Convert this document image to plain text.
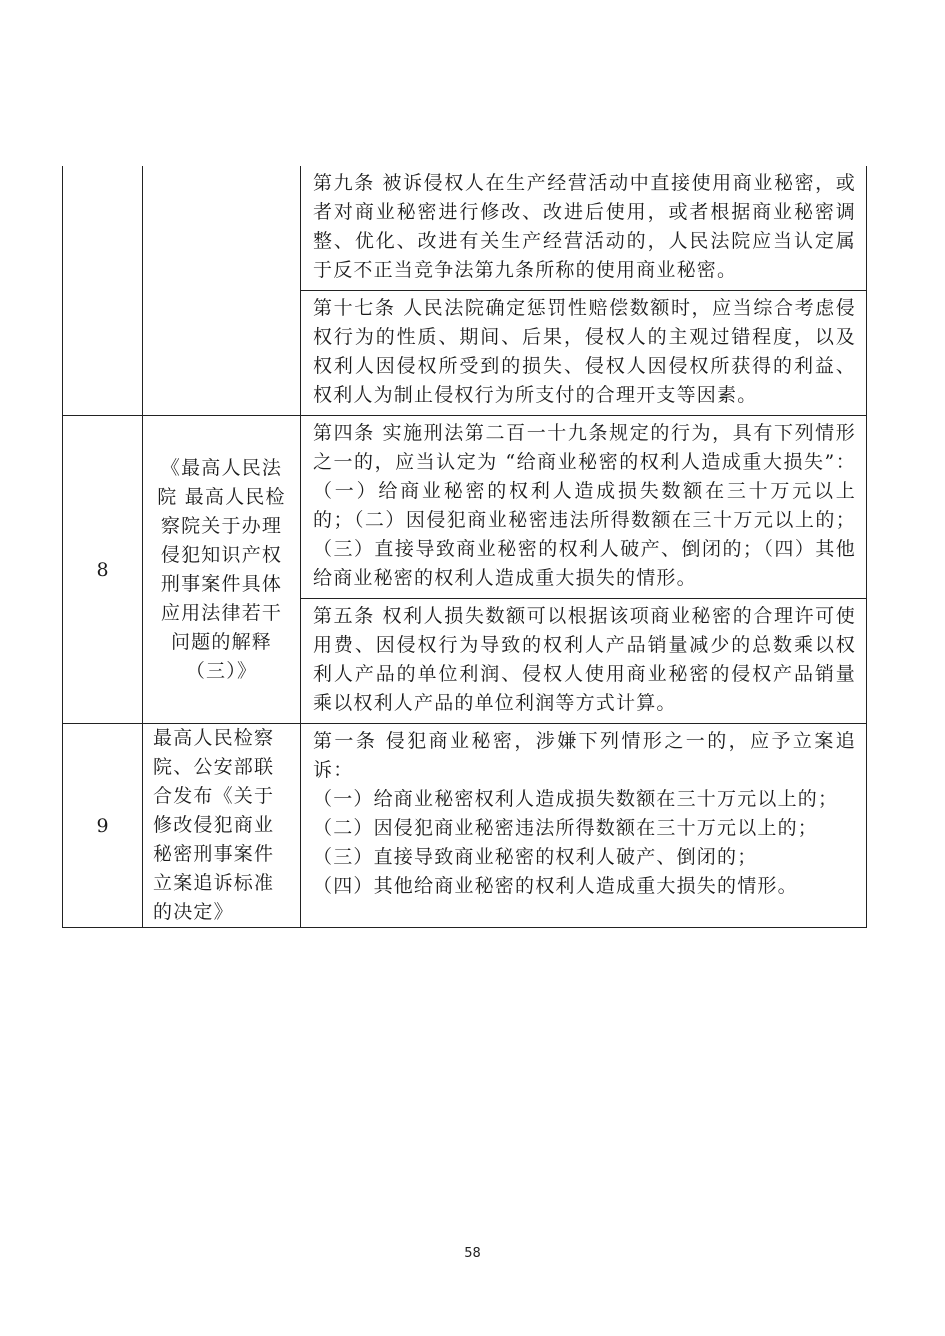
		第九条 被诉侵权人在生产经营活动中直接使用商业秘密，或者对商业秘密进行修改、改进后使用，或者根据商业秘密调整、优化、改进有关生产经营活动的，人民法院应当认定属于反不正当竞争法第九条所称的使用商业秘密。
第十七条 人民法院确定惩罚性赔偿数额时，应当综合考虑侵权行为的性质、期间、后果，侵权人的主观过错程度，以及权利人因侵权所受到的损失、侵权人因侵权所获得的利益、权利人为制止侵权行为所支付的合理开支等因素。

8	《最高人民法院 最高人民检察院关于办理侵犯知识产权刑事案件具体应用法律若干问题的解释（三）》	第四条 实施刑法第二百一十九条规定的行为，具有下列情形之一的，应当认定为 “给商业秘密的权利人造成重大损失”：（一）给商业秘密的权利人造成损失数额在三十万元以上的；（二）因侵犯商业秘密违法所得数额在三十万元以上的；（三）直接导致商业秘密的权利人破产、倒闭的；（四）其他给商业秘密的权利人造成重大损失的情形。
第五条 权利人损失数额可以根据该项商业秘密的合理许可使用费、因侵权行为导致的权利人产品销量减少的总数乘以权利人产品的单位利润、侵权人使用商业秘密的侵权产品销量乘以权利人产品的单位利润等方式计算。

9	最高人民检察院、公安部联合发布《关于修改侵犯商业秘密刑事案件立案追诉标准的决定》	第一条 侵犯商业秘密，涉嫌下列情形之一的，应予立案追诉：
（一）给商业秘密权利人造成损失数额在三十万元以上的；
（二）因侵犯商业秘密违法所得数额在三十万元以上的；
（三）直接导致商业秘密的权利人破产、倒闭的；
（四）其他给商业秘密的权利人造成重大损失的情形。
58
